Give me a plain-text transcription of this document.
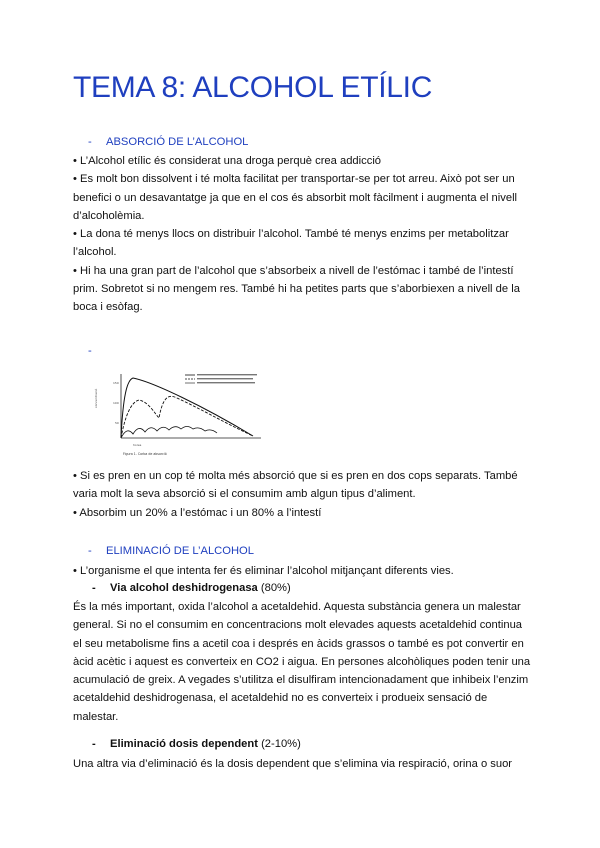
TEMA 8: ALCOHOL ETÍLIC
- ABSORCIÓ DE L’ALCOHOL
• L’Alcohol etílic és considerat una droga perquè crea addicció
• Es molt bon dissolvent i té molta facilitat per transportar-se per tot arreu. Això pot ser un
benefici o un desavantatge ja que en el cos és absorbit molt fàcilment i augmenta el nivell
d’alcoholèmia.
• La dona té menys llocs on distribuir l’alcohol. També té menys enzims per metabolitzar
l’alcohol.
• Hi ha una gran part de l’alcohol que s’absorbeix a nivell de l’estómac i també de l’intestí
prim. Sobretot si no mengem res. També hi ha petites parts que s’aborbiexen a nivell de la
boca i esòfag.
-
concentració
150
100
50
hores
Figura 1. Corba de absorció
• Si es pren en un cop té molta més absorció que si es pren en dos cops separats. També
varia molt la seva absorció si el consumim amb algun tipus d’aliment.
• Absorbim un 20% a l’estómac i un 80% a l’intestí
- ELIMINACIÓ DE L’ALCOHOL
• L’organisme el que intenta fer és eliminar l’alcohol mitjançant diferents vies.
- Via alcohol deshidrogenasa (80%)
És la més important, oxida l’alcohol a acetaldehid. Aquesta substància genera un malestar
general. Si no el consumim en concentracions molt elevades aquests acetaldehid continua
el seu metabolisme fins a acetil coa i després en àcids grassos o també es pot convertir en
àcid acètic i aquest es converteix en CO2 i aigua. En persones alcohòliques poden tenir una
acumulació de greix. A vegades s’utilitza el disulfiram intencionadament que inhibeix l’enzim
acetaldehid deshidrogenasa, el acetaldehid no es converteix i produeix sensació de
malestar.
- Eliminació dosis dependent (2-10%)
Una altra via d’eliminació és la dosis dependent que s’elimina via respiració, orina o suor
